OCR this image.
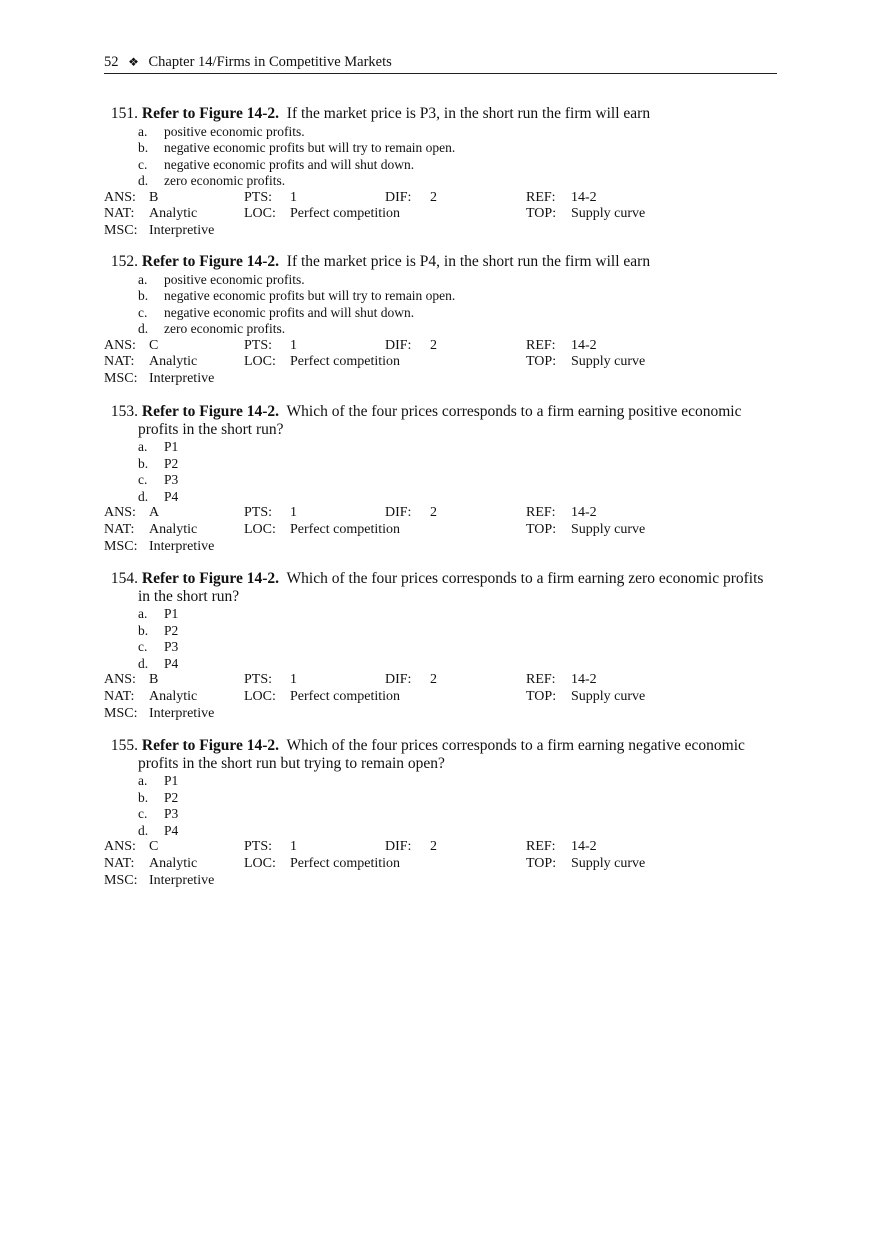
52 ❖ Chapter 14/Firms in Competitive Markets
151. Refer to Figure 14-2. If the market price is P3, in the short run the firm will earn
a. positive economic profits.
b. negative economic profits but will try to remain open.
c. negative economic profits and will shut down.
d. zero economic profits.
ANS: B	PTS: 1	DIF: 2	REF: 14-2
NAT: Analytic	LOC: Perfect competition	TOP: Supply curve
MSC: Interpretive
152. Refer to Figure 14-2. If the market price is P4, in the short run the firm will earn
a. positive economic profits.
b. negative economic profits but will try to remain open.
c. negative economic profits and will shut down.
d. zero economic profits.
ANS: C	PTS: 1	DIF: 2	REF: 14-2
NAT: Analytic	LOC: Perfect competition	TOP: Supply curve
MSC: Interpretive
153. Refer to Figure 14-2. Which of the four prices corresponds to a firm earning positive economic
profits in the short run?
a. P1
b. P2
c. P3
d. P4
ANS: A	PTS: 1	DIF: 2	REF: 14-2
NAT: Analytic	LOC: Perfect competition	TOP: Supply curve
MSC: Interpretive
154. Refer to Figure 14-2. Which of the four prices corresponds to a firm earning zero economic profits
in the short run?
a. P1
b. P2
c. P3
d. P4
ANS: B	PTS: 1	DIF: 2	REF: 14-2
NAT: Analytic	LOC: Perfect competition	TOP: Supply curve
MSC: Interpretive
155. Refer to Figure 14-2. Which of the four prices corresponds to a firm earning negative economic
profits in the short run but trying to remain open?
a. P1
b. P2
c. P3
d. P4
ANS: C	PTS: 1	DIF: 2	REF: 14-2
NAT: Analytic	LOC: Perfect competition	TOP: Supply curve
MSC: Interpretive
